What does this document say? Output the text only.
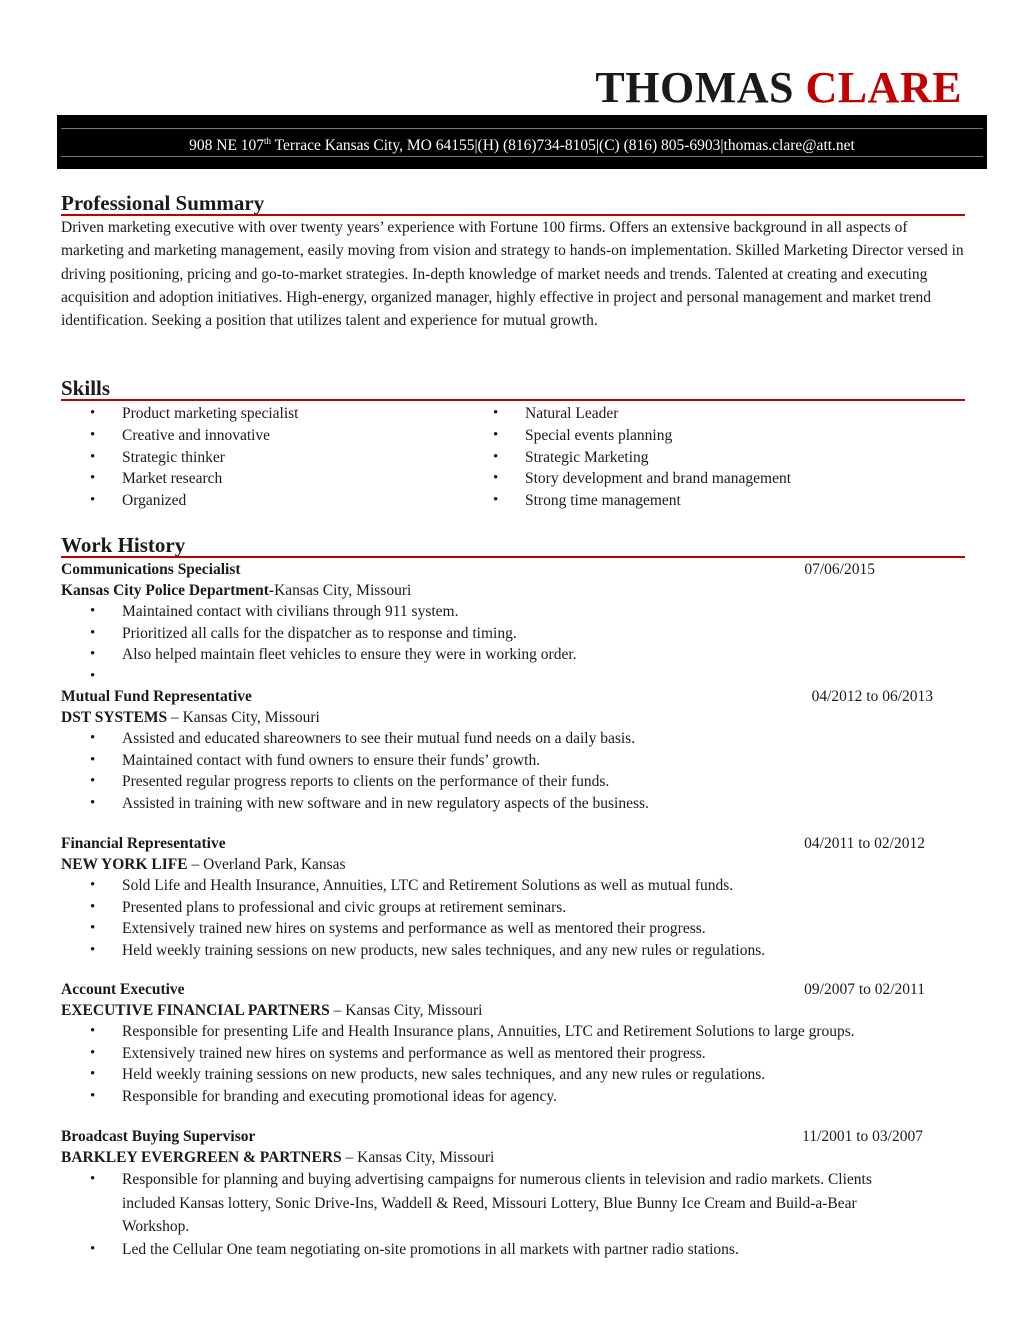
THOMAS CLARE
908 NE 107th Terrace Kansas City, MO 64155|(H) (816)734-8105|(C) (816) 805-6903|thomas.clare@att.net
Professional Summary

Driven marketing executive with over twenty years’ experience with Fortune 100 firms. Offers an extensive background in all aspects of marketing and marketing management, easily moving from vision and strategy to hands-on implementation. Skilled Marketing Director versed in driving positioning, pricing and go-to-market strategies. In-depth knowledge of market needs and trends. Talented at creating and executing acquisition and adoption initiatives. High-energy, organized manager, highly effective in project and personal management and market trend identification. Seeking a position that utilizes talent and experience for mutual growth.

Skills
• Product marketing specialist
• Creative and innovative
• Strategic thinker
• Market research
• Organized
• Natural Leader
• Special events planning
• Strategic Marketing
• Story development and brand management
• Strong time management
Work History
Communications Specialist	07/06/2015
Kansas City Police Department-Kansas City, Missouri
• Maintained contact with civilians through 911 system.
• Prioritized all calls for the dispatcher as to response and timing.
• Also helped maintain fleet vehicles to ensure they were in working order.
•
Mutual Fund Representative	04/2012 to 06/2013
DST SYSTEMS – Kansas City, Missouri
• Assisted and educated shareowners to see their mutual fund needs on a daily basis.
• Maintained contact with fund owners to ensure their funds’ growth.
• Presented regular progress reports to clients on the performance of their funds.
• Assisted in training with new software and in new regulatory aspects of the business.
Financial Representative	04/2011 to 02/2012
NEW YORK LIFE – Overland Park, Kansas
• Sold Life and Health Insurance, Annuities, LTC and Retirement Solutions as well as mutual funds.
• Presented plans to professional and civic groups at retirement seminars.
• Extensively trained new hires on systems and performance as well as mentored their progress.
• Held weekly training sessions on new products, new sales techniques, and any new rules or regulations.
Account Executive	09/2007 to 02/2011
EXECUTIVE FINANCIAL PARTNERS – Kansas City, Missouri
• Responsible for presenting Life and Health Insurance plans, Annuities, LTC and Retirement Solutions to large groups.
• Extensively trained new hires on systems and performance as well as mentored their progress.
• Held weekly training sessions on new products, new sales techniques, and any new rules or regulations.
• Responsible for branding and executing promotional ideas for agency.
Broadcast Buying Supervisor	11/2001 to 03/2007
BARKLEY EVERGREEN & PARTNERS – Kansas City, Missouri
• Responsible for planning and buying advertising campaigns for numerous clients in television and radio markets. Clients included Kansas lottery, Sonic Drive-Ins, Waddell & Reed, Missouri Lottery, Blue Bunny Ice Cream and Build-a-Bear Workshop.
• Led the Cellular One team negotiating on-site promotions in all markets with partner radio stations.
